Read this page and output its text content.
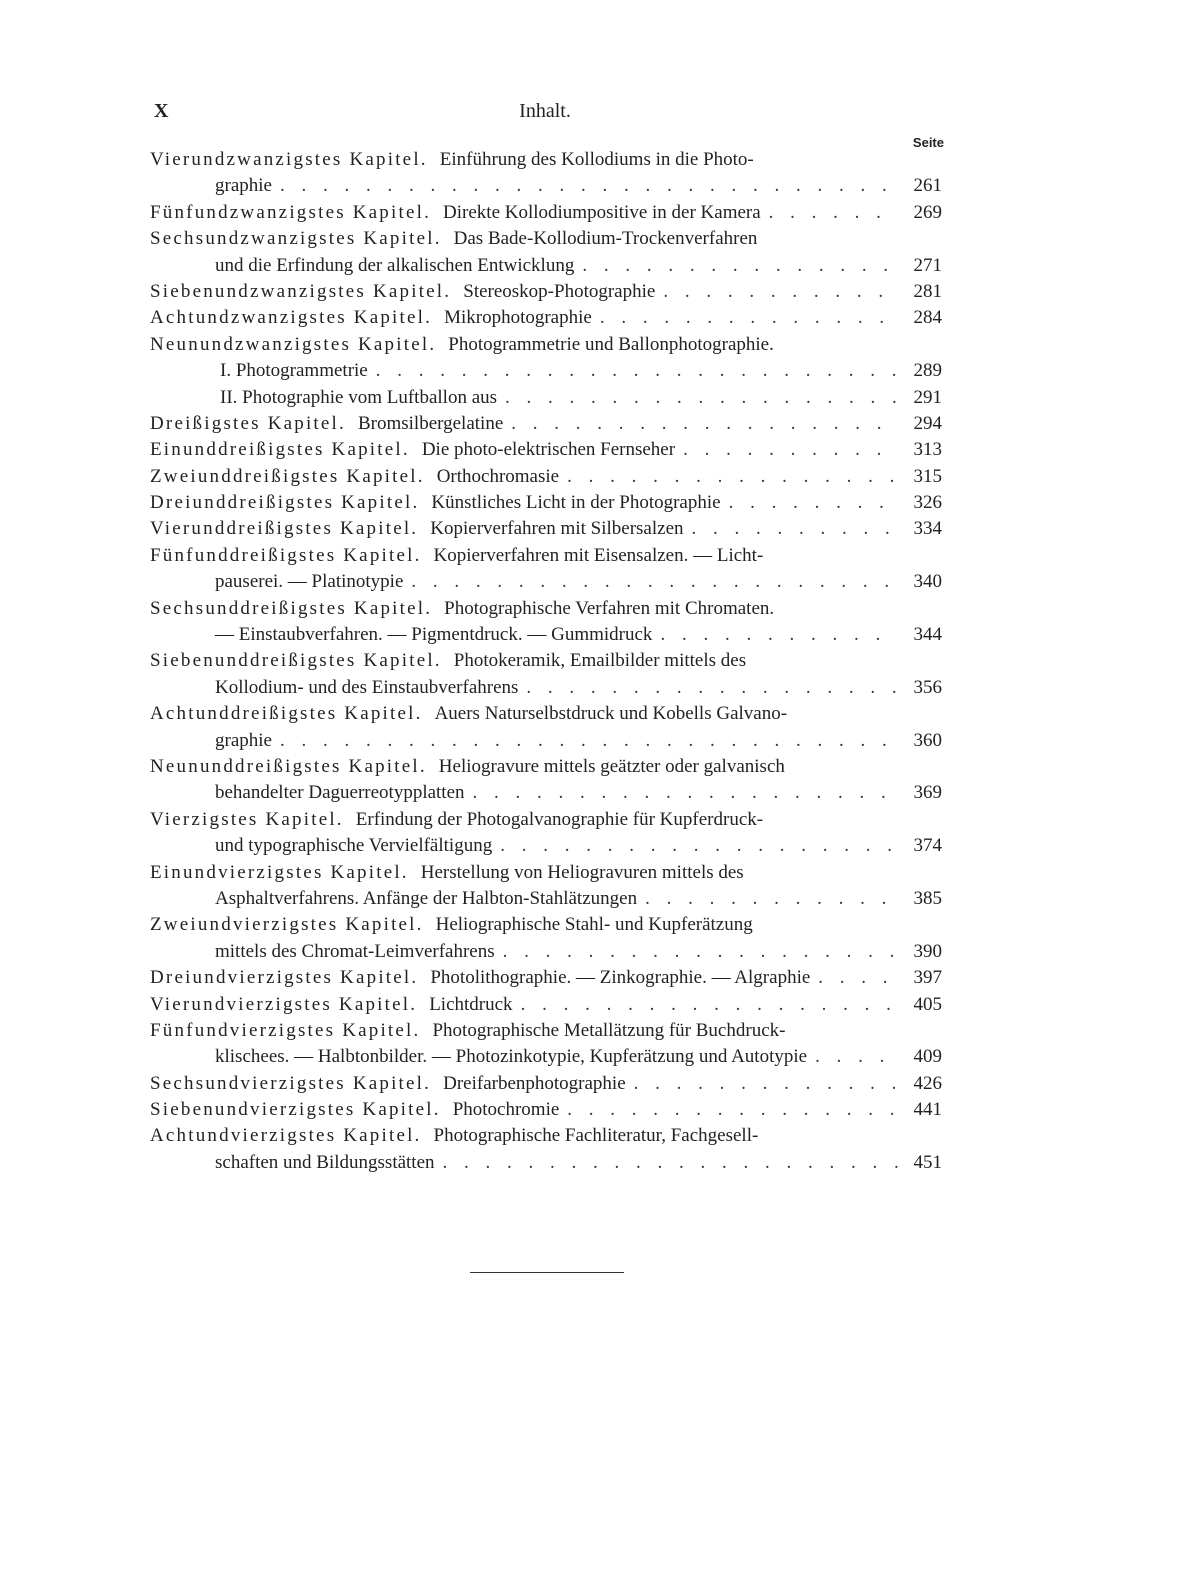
X	Inhalt.
Seite
Vierundzwanzigstes Kapitel. Einführung des Kollodiums in die Photo-
graphie . . .	261
Fünfundzwanzigstes Kapitel. Direkte Kollodiumpositive in der Kamera . . .	269
Sechsundzwanzigstes Kapitel. Das Bade-Kollodium-Trockenverfahren
und die Erfindung der alkalischen Entwicklung . . .	271
Siebenundzwanzigstes Kapitel. Stereoskop-Photographie . . .	281
Achtundzwanzigstes Kapitel. Mikrophotographie . . .	284
Neunundzwanzigstes Kapitel. Photogrammetrie und Ballonphotographie.
I. Photogrammetrie . . .	289
II. Photographie vom Luftballon aus . . .	291
Dreißigstes Kapitel. Bromsilbergelatine . . .	294
Einunddreißigstes Kapitel. Die photo-elektrischen Fernseher . . .	313
Zweiunddreißigstes Kapitel. Orthochromasie . . .	315
Dreiunddreißigstes Kapitel. Künstliches Licht in der Photographie . . .	326
Vierunddreißigstes Kapitel. Kopierverfahren mit Silbersalzen . . .	334
Fünfunddreißigstes Kapitel. Kopierverfahren mit Eisensalzen. — Licht-
pauserei. — Platinotypie . . .	340
Sechsunddreißigstes Kapitel. Photographische Verfahren mit Chromaten.
— Einstaubverfahren. — Pigmentdruck. — Gummidruck . . .	344
Siebenunddreißigstes Kapitel. Photokeramik, Emailbilder mittels des
Kollodium- und des Einstaubverfahrens . . .	356
Achtunddreißigstes Kapitel. Auers Naturselbstdruck und Kobells Galvano-
graphie . . .	360
Neununddreißigstes Kapitel. Heliogravure mittels geätzter oder galvanisch
behandelter Daguerreotypplatten . . .	369
Vierzigstes Kapitel. Erfindung der Photogalvanographie für Kupferdruck-
und typographische Vervielfältigung . . .	374
Einundvierzigstes Kapitel. Herstellung von Heliogravuren mittels des
Asphaltverfahrens. Anfänge der Halbton-Stahlätzungen . . .	385
Zweiundvierzigstes Kapitel. Heliographische Stahl- und Kupferätzung
mittels des Chromat-Leimverfahrens . . .	390
Dreiundvierzigstes Kapitel. Photolithographie. — Zinkographie. — Algraphie . . .	397
Vierundvierzigstes Kapitel. Lichtdruck . . .	405
Fünfundvierzigstes Kapitel. Photographische Metallätzung für Buchdruck-
klischees. — Halbtonbilder. — Photozinkotypie, Kupferätzung und Autotypie . . .	409
Sechsundvierzigstes Kapitel. Dreifarbenphotographie . . .	426
Siebenundvierzigstes Kapitel. Photochromie . . .	441
Achtundvierzigstes Kapitel. Photographische Fachliteratur, Fachgesell-
schaften und Bildungsstätten . . .	451
